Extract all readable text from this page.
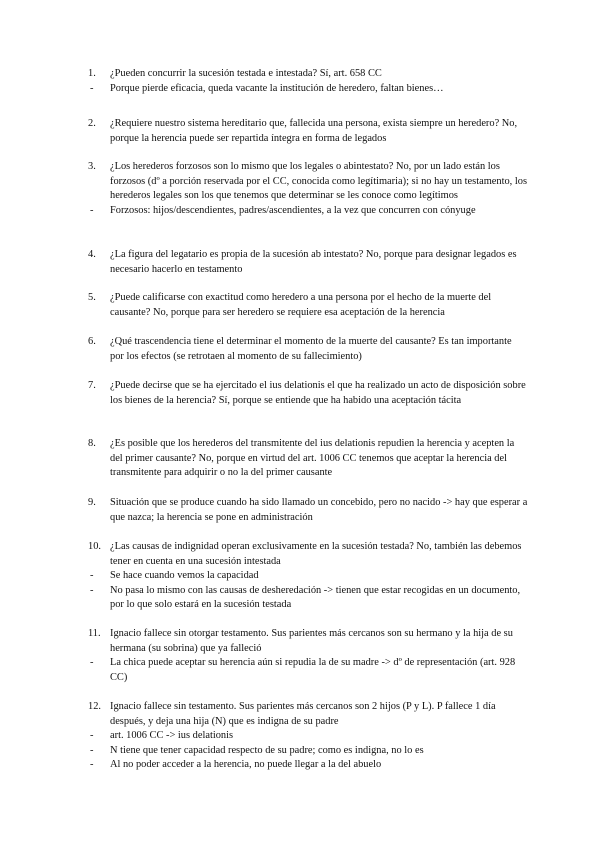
1.	¿Pueden concurrir la sucesión testada e intestada? Sí, art. 658 CC
- Porque pierde eficacia, queda vacante la institución de heredero, faltan bienes…
2.	¿Requiere nuestro sistema hereditario que, fallecida una persona, exista siempre un heredero? No, porque la herencia puede ser repartida íntegra en forma de legados
3.	¿Los herederos forzosos son lo mismo que los legales o abintestato? No, por un lado están los forzosos (dº a porción reservada por el CC, conocida como legítimaria); si no hay un testamento, los herederos legales son los que tenemos que determinar se les conoce como legítimos
- Forzosos: hijos/descendientes, padres/ascendientes, a la vez que concurren con cónyuge
4.	¿La figura del legatario es propia de la sucesión ab intestato? No, porque para designar legados es necesario hacerlo en testamento
5.	¿Puede calificarse con exactitud como heredero a una persona por el hecho de la muerte del causante? No, porque para ser heredero se requiere esa aceptación de la herencia
6.	¿Qué trascendencia tiene el determinar el momento de la muerte del causante? Es tan importante por los efectos (se retrotaen al momento de su fallecimiento)
7.	¿Puede decirse que se ha ejercitado el ius delationis el que ha realizado un acto de disposición sobre los bienes de la herencia? Sí, porque se entiende que ha habido una aceptación tácita
8.	¿Es posible que los herederos del transmitente del ius delationis repudien la herencia y acepten la del primer causante? No, porque en virtud del art. 1006 CC tenemos que aceptar la herencia del transmitente para adquirir o no la del primer causante
9.	Situación que se produce cuando ha sido llamado un concebido, pero no nacido -> hay que esperar a que nazca; la herencia se pone en administración
10. ¿Las causas de indignidad operan exclusivamente en la sucesión testada? No, también las debemos tener en cuenta en una sucesión intestada
- Se hace cuando vemos la capacidad
- No pasa lo mismo con las causas de desheredación -> tienen que estar recogidas en un documento, por lo que solo estará en la sucesión testada
11. Ignacio fallece sin otorgar testamento. Sus parientes más cercanos son su hermano y la hija de su hermana (su sobrina) que ya falleció
- La chica puede aceptar su herencia aún si repudia la de su madre -> dº de representación (art. 928 CC)
12. Ignacio fallece sin testamento. Sus parientes más cercanos son 2 hijos (P y L). P fallece 1 día después, y deja una hija (N) que es indigna de su padre
- art. 1006 CC -> ius delationis
- N tiene que tener capacidad respecto de su padre; como es indigna, no lo es
- Al no poder acceder a la herencia, no puede llegar a la del abuelo
